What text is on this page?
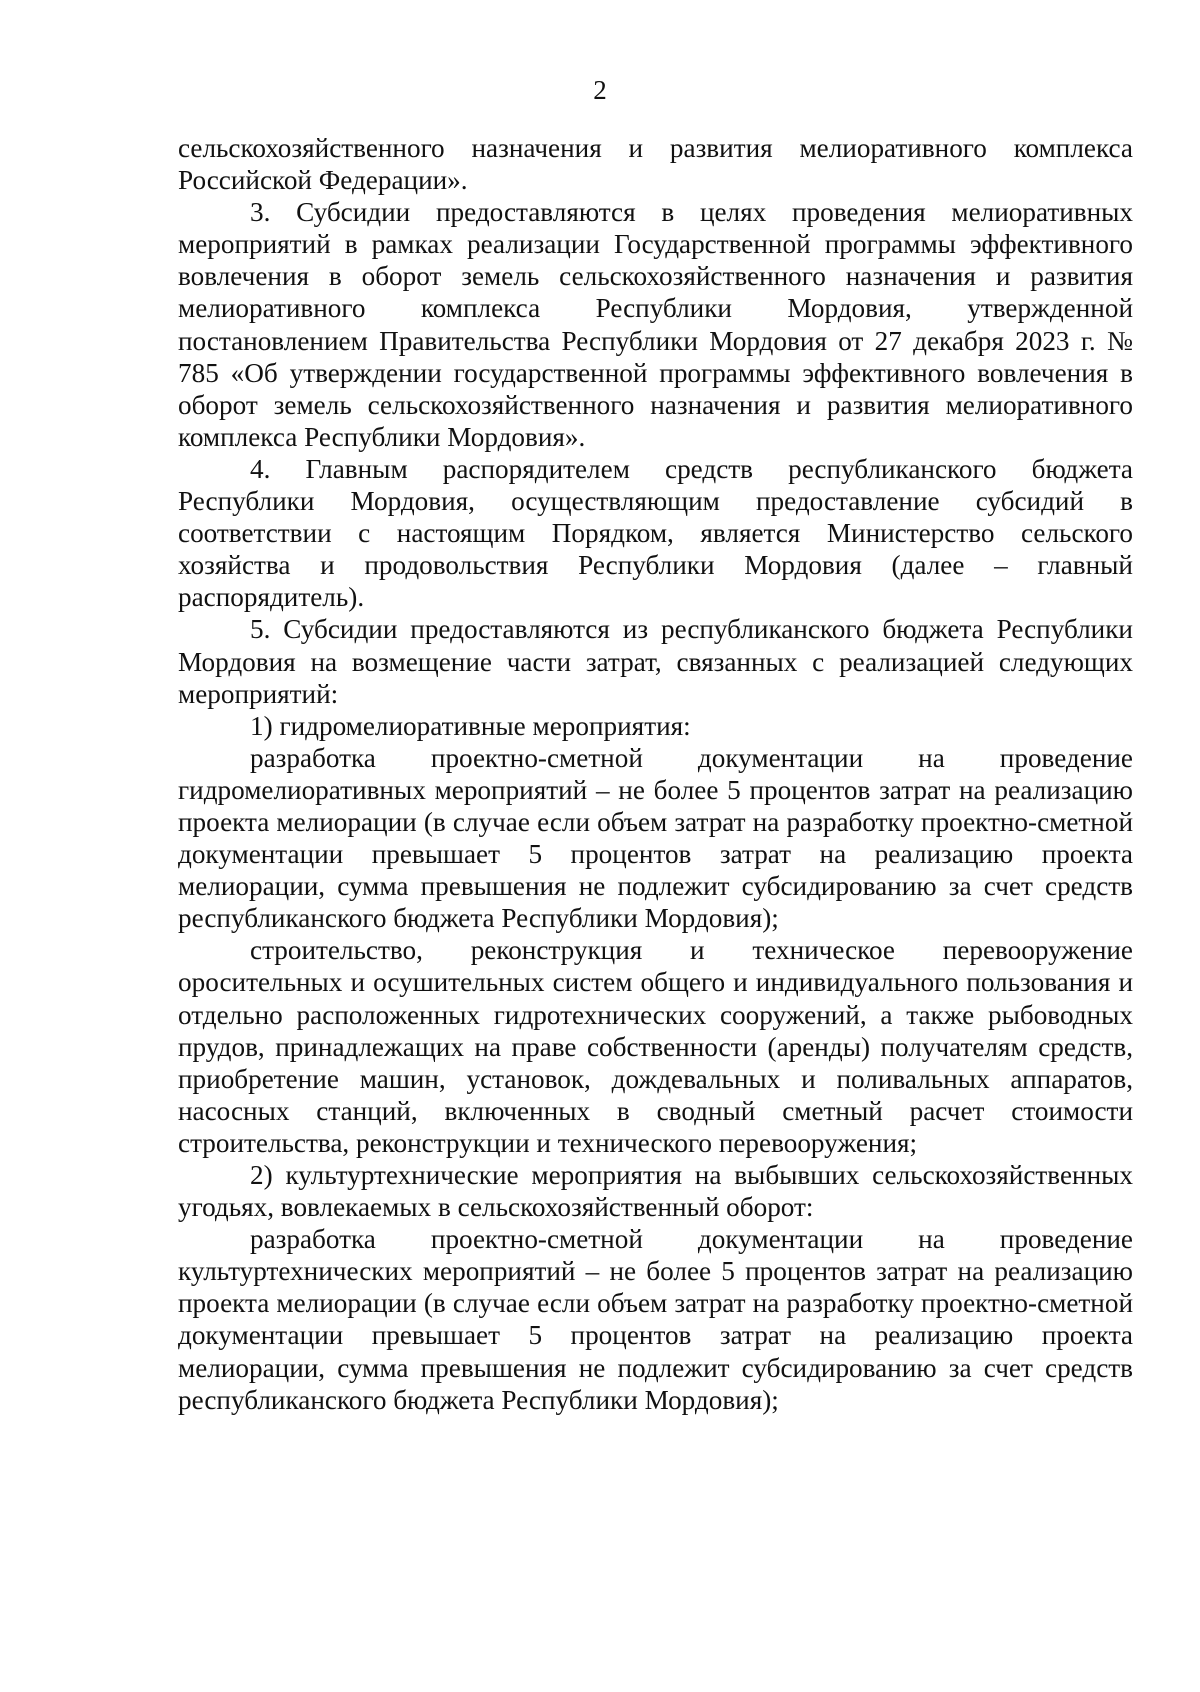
2

сельскохозяйственного назначения и развития мелиоративного комплекса Российской Федерации».

3. Субсидии предоставляются в целях проведения мелиоративных мероприятий в рамках реализации Государственной программы эффективного вовлечения в оборот земель сельскохозяйственного назначения и развития мелиоративного комплекса Республики Мордовия, утвержденной постановлением Правительства Республики Мордовия от 27 декабря 2023 г. № 785 «Об утверждении государственной программы эффективного вовлечения в оборот земель сельскохозяйственного назначения и развития мелиоративного комплекса Республики Мордовия».

4. Главным распорядителем средств республиканского бюджета Республики Мордовия, осуществляющим предоставление субсидий в соответствии с настоящим Порядком, является Министерство сельского хозяйства и продовольствия Республики Мордовия (далее – главный распорядитель).

5. Субсидии предоставляются из республиканского бюджета Республики Мордовия на возмещение части затрат, связанных с реализацией следующих мероприятий:

1) гидромелиоративные мероприятия:

разработка проектно-сметной документации на проведение гидромелиоративных мероприятий – не более 5 процентов затрат на реализацию проекта мелиорации (в случае если объем затрат на разработку проектно-сметной документации превышает 5 процентов затрат на реализацию проекта мелиорации, сумма превышения не подлежит субсидированию за счет средств республиканского бюджета Республики Мордовия);

строительство, реконструкция и техническое перевооружение оросительных и осушительных систем общего и индивидуального пользования и отдельно расположенных гидротехнических сооружений, а также рыбоводных прудов, принадлежащих на праве собственности (аренды) получателям средств, приобретение машин, установок, дождевальных и поливальных аппаратов, насосных станций, включенных в сводный сметный расчет стоимости строительства, реконструкции и технического перевооружения;

2) культуртехнические мероприятия на выбывших сельскохозяйственных угодьях, вовлекаемых в сельскохозяйственный оборот:

разработка проектно-сметной документации на проведение культуртехнических мероприятий – не более 5 процентов затрат на реализацию проекта мелиорации (в случае если объем затрат на разработку проектно-сметной документации превышает 5 процентов затрат на реализацию проекта мелиорации, сумма превышения не подлежит субсидированию за счет средств республиканского бюджета Республики Мордовия);
